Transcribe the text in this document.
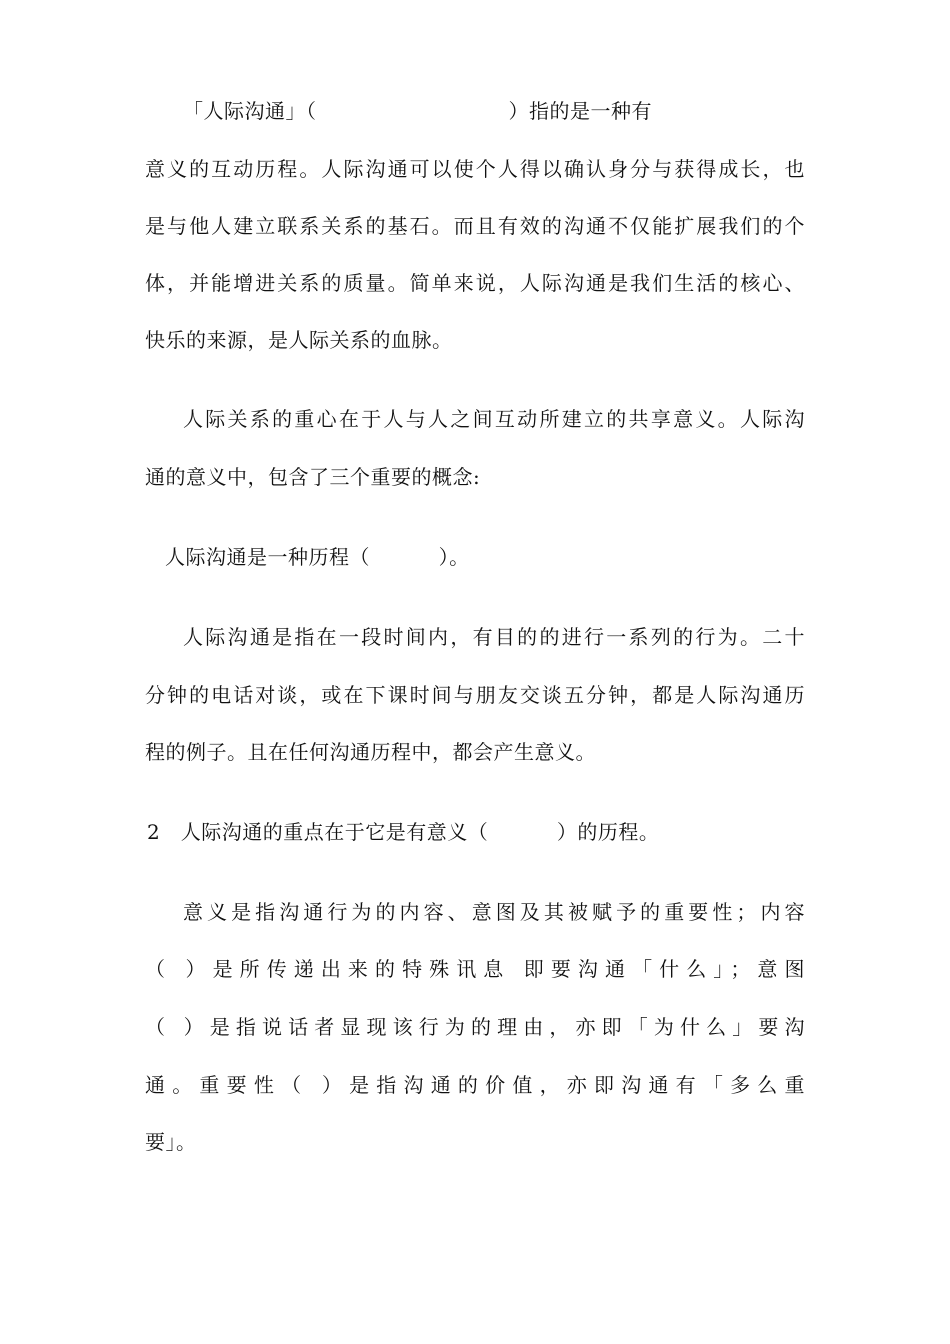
「人际沟通」（                            ）指的是一种有
意义的互动历程。人际沟通可以使个人得以确认身分与获得成长，也
是与他人建立联系关系的基石。而且有效的沟通不仅能扩展我们的个
体，并能增进关系的质量。简单来说，人际沟通是我们生活的核心、
快乐的来源，是人际关系的血脉。
人际关系的重心在于人与人之间互动所建立的共享意义。人际沟
通的意义中，包含了三个重要的概念:
人际沟通是一种历程（          ）。
人际沟通是指在一段时间内，有目的的进行一系列的行为。二十
分钟的电话对谈，或在下课时间与朋友交谈五分钟，都是人际沟通历
程的例子。且在任何沟通历程中，都会产生意义。
2   人际沟通的重点在于它是有意义（          ）的历程。
意义是指沟通行为的内容、意图及其被赋予的重要性；内容
（ ）是所传递出来的特殊讯息 即要沟通「什么」；意图
（ ）是指说话者显现该行为的理由，亦即「为什么」要沟
通。重要性（ ）是指沟通的价值，亦即沟通有「多么重
要」。
